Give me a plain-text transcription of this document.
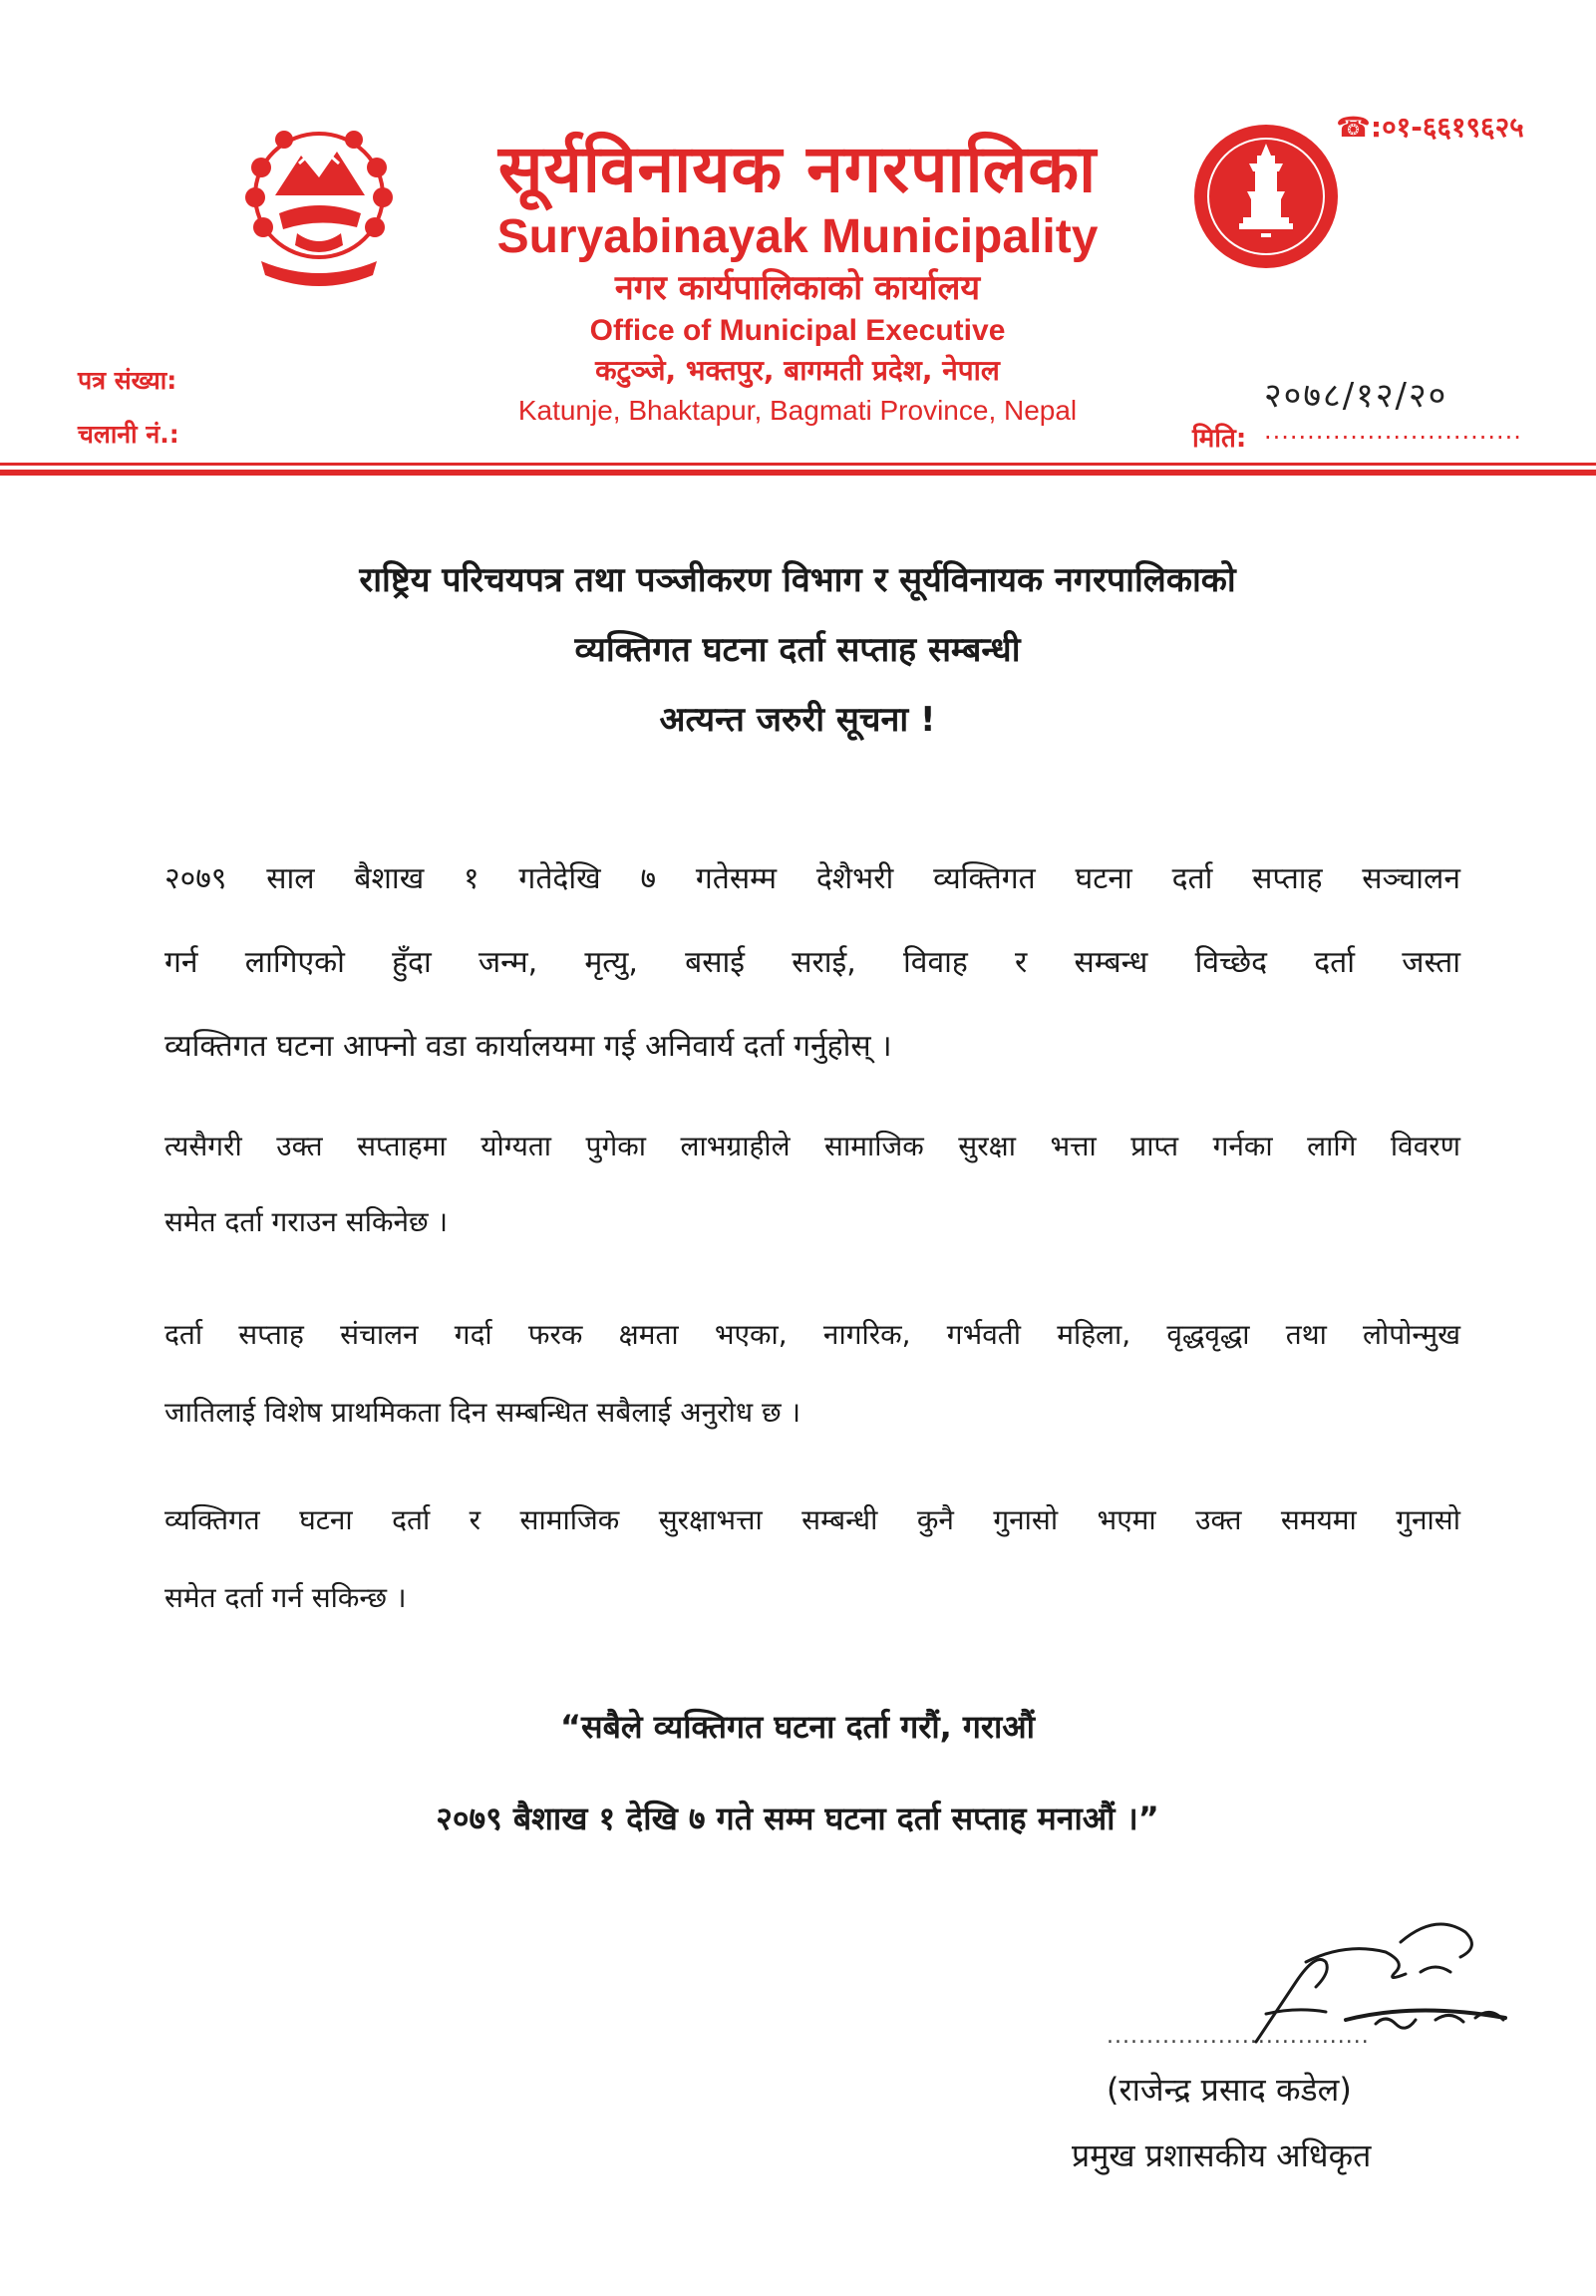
☎:०१-६६१९६२५
सूर्यविनायक नगरपालिका
Suryabinayak Municipality
नगर कार्यपालिकाको कार्यालय
Office of Municipal Executive
कटुञ्जे, भक्तपुर, बागमती प्रदेश, नेपाल
Katunje, Bhaktapur, Bagmati Province, Nepal
पत्र संख्या:
चलानी नं.:
२०७८/१२/२०
मिति: ..............................
राष्ट्रिय परिचयपत्र तथा पञ्जीकरण विभाग र सूर्यविनायक नगरपालिकाको
व्यक्तिगत घटना दर्ता सप्ताह सम्बन्धी
अत्यन्त जरुरी सूचना !
२०७९ साल बैशाख १ गतेदेखि ७ गतेसम्म देशैभरी व्यक्तिगत घटना दर्ता सप्ताह सञ्चालन
गर्न लागिएको हुँदा जन्म, मृत्यु, बसाई सराई, विवाह र सम्बन्ध विच्छेद दर्ता जस्ता
व्यक्तिगत घटना आफ्नो वडा कार्यालयमा गई अनिवार्य दर्ता गर्नुहोस् ।
त्यसैगरी उक्त सप्ताहमा योग्यता पुगेका लाभग्राहीले सामाजिक सुरक्षा भत्ता प्राप्त गर्नका लागि विवरण
समेत दर्ता गराउन सकिनेछ ।
दर्ता सप्ताह संचालन गर्दा फरक क्षमता भएका, नागरिक, गर्भवती महिला, वृद्धवृद्धा तथा लोपोन्मुख
जातिलाई विशेष प्राथमिकता दिन सम्बन्धित सबैलाई अनुरोध छ ।
व्यक्तिगत घटना दर्ता र सामाजिक सुरक्षाभत्ता सम्बन्धी कुनै गुनासो भएमा उक्त समयमा गुनासो
समेत दर्ता गर्न सकिन्छ ।
“सबैले व्यक्तिगत घटना दर्ता गरौं, गराऔं
२०७९ बैशाख १ देखि ७ गते सम्म घटना दर्ता सप्ताह मनाऔं ।”
.................................
(राजेन्द्र प्रसाद कडेल)
प्रमुख प्रशासकीय अधिकृत
